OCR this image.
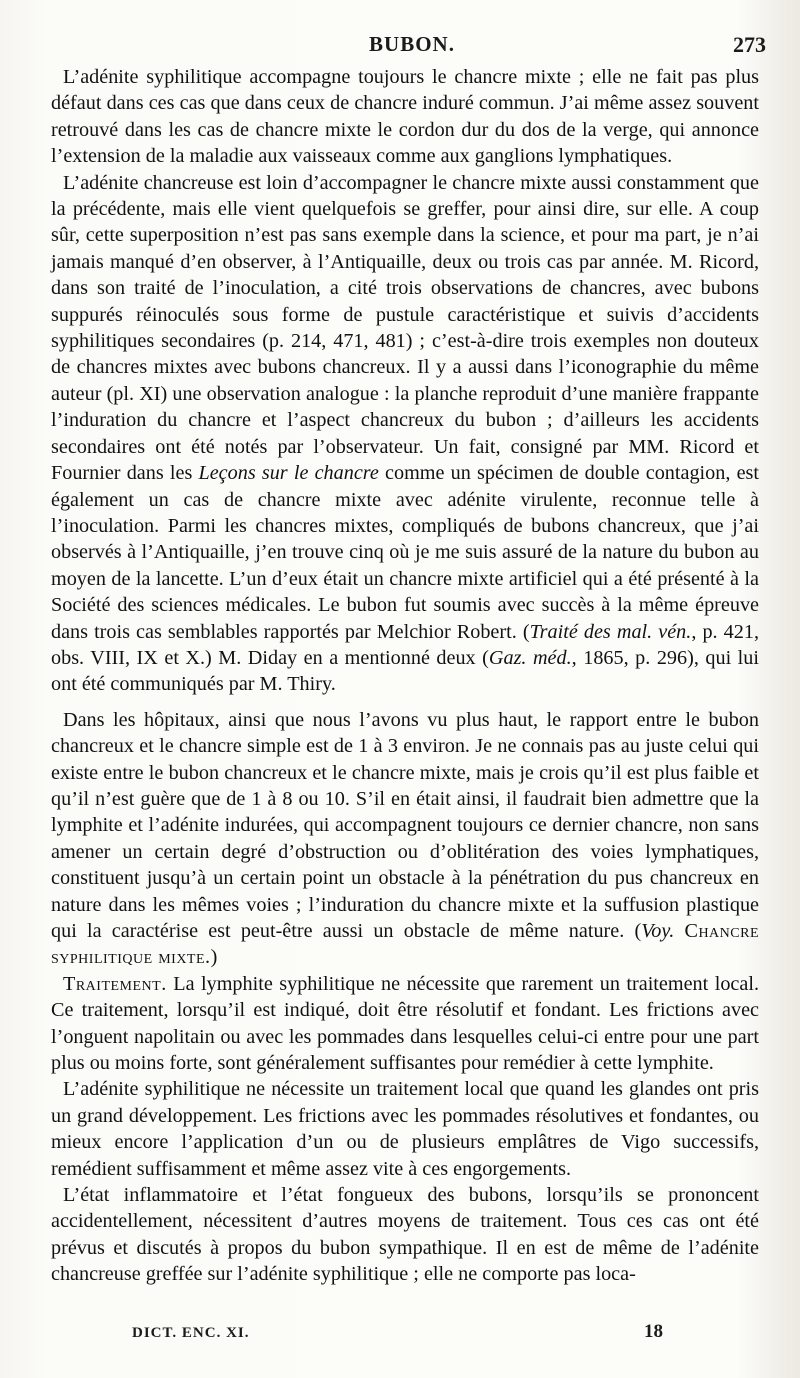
BUBON.	273

L’adénite syphilitique accompagne toujours le chancre mixte ; elle ne fait pas plus défaut dans ces cas que dans ceux de chancre induré commun. J’ai même assez souvent retrouvé dans les cas de chancre mixte le cordon dur du dos de la verge, qui annonce l’extension de la maladie aux vaisseaux comme aux ganglions lymphatiques.

L’adénite chancreuse est loin d’accompagner le chancre mixte aussi constamment que la précédente, mais elle vient quelquefois se greffer, pour ainsi dire, sur elle. A coup sûr, cette superposition n’est pas sans exemple dans la science, et pour ma part, je n’ai jamais manqué d’en observer, à l’Antiquaille, deux ou trois cas par année. M. Ricord, dans son traité de l’inoculation, a cité trois observations de chancres, avec bubons suppurés réinoculés sous forme de pustule caractéristique et suivis d’accidents syphilitiques secondaires (p. 214, 471, 481) ; c’est-à-dire trois exemples non douteux de chancres mixtes avec bubons chancreux. Il y a aussi dans l’iconographie du même auteur (pl. XI) une observation analogue : la planche reproduit d’une manière frappante l’induration du chancre et l’aspect chancreux du bubon ; d’ailleurs les accidents secondaires ont été notés par l’observateur. Un fait, consigné par MM. Ricord et Fournier dans les Leçons sur le chancre comme un spécimen de double contagion, est également un cas de chancre mixte avec adénite virulente, reconnue telle à l’inoculation. Parmi les chancres mixtes, compliqués de bubons chancreux, que j’ai observés à l’Antiquaille, j’en trouve cinq où je me suis assuré de la nature du bubon au moyen de la lancette. L’un d’eux était un chancre mixte artificiel qui a été présenté à la Société des sciences médicales. Le bubon fut soumis avec succès à la même épreuve dans trois cas semblables rapportés par Melchior Robert. (Traité des mal. vén., p. 421, obs. VIII, IX et X.) M. Diday en a mentionné deux (Gaz. méd., 1865, p. 296), qui lui ont été communiqués par M. Thiry.

Dans les hôpitaux, ainsi que nous l’avons vu plus haut, le rapport entre le bubon chancreux et le chancre simple est de 1 à 3 environ. Je ne connais pas au juste celui qui existe entre le bubon chancreux et le chancre mixte, mais je crois qu’il est plus faible et qu’il n’est guère que de 1 à 8 ou 10. S’il en était ainsi, il faudrait bien admettre que la lymphite et l’adénite indurées, qui accompagnent toujours ce dernier chancre, non sans amener un certain degré d’obstruction ou d’oblitération des voies lymphatiques, constituent jusqu’à un certain point un obstacle à la pénétration du pus chancreux en nature dans les mêmes voies ; l’induration du chancre mixte et la suffusion plastique qui la caractérise est peut-être aussi un obstacle de même nature. (Voy. Chancre syphilitique mixte.)

Traitement. La lymphite syphilitique ne nécessite que rarement un traitement local. Ce traitement, lorsqu’il est indiqué, doit être résolutif et fondant. Les frictions avec l’onguent napolitain ou avec les pommades dans lesquelles celui-ci entre pour une part plus ou moins forte, sont généralement suffisantes pour remédier à cette lymphite.

L’adénite syphilitique ne nécessite un traitement local que quand les glandes ont pris un grand développement. Les frictions avec les pommades résolutives et fondantes, ou mieux encore l’application d’un ou de plusieurs emplâtres de Vigo successifs, remédient suffisamment et même assez vite à ces engorgements.

L’état inflammatoire et l’état fongueux des bubons, lorsqu’ils se prononcent accidentellement, nécessitent d’autres moyens de traitement. Tous ces cas ont été prévus et discutés à propos du bubon sympathique. Il en est de même de l’adénite chancreuse greffée sur l’adénite syphilitique ; elle ne comporte pas loca-

DICT. ENC. XI.	18
